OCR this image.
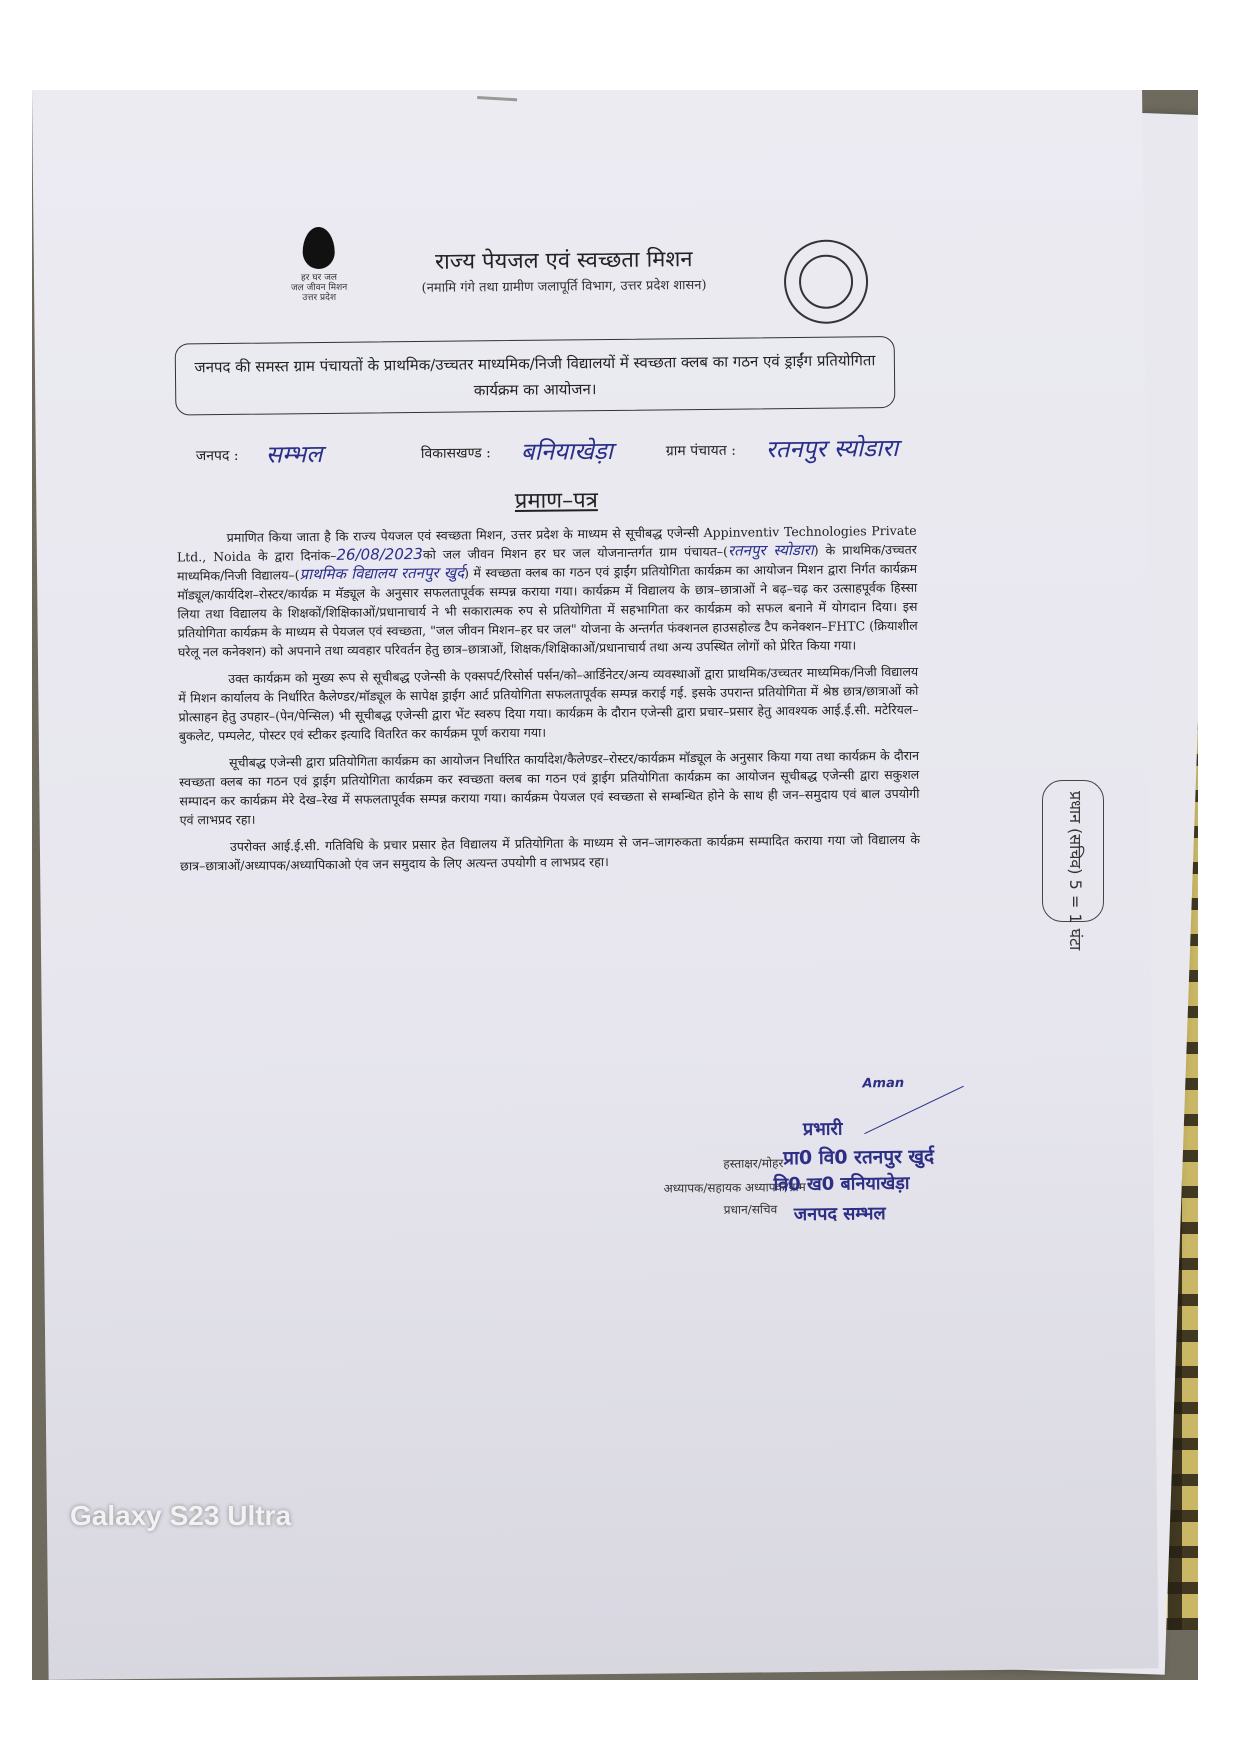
हर घर जल
जल जीवन मिशन
उत्तर प्रदेश
राज्य पेयजल एवं स्वच्छता मिशन
(नमामि गंगे तथा ग्रामीण जलापूर्ति विभाग, उत्तर प्रदेश शासन)
जनपद की समस्त ग्राम पंचायतों के प्राथमिक/उच्चतर माध्यमिक/निजी विद्यालयों में स्वच्छता क्लब का गठन एवं ड्राईंग प्रतियोगिता कार्यक्रम का आयोजन।
जनपद : सम्भल	विकासखण्ड : बनियाखेड़ा	ग्राम पंचायत : रतनपुर स्योडारा
प्रमाण–पत्र

प्रमाणित किया जाता है कि राज्य पेयजल एवं स्वच्छता मिशन, उत्तर प्रदेश के माध्यम से सूचीबद्ध एजेन्सी Appinventiv Technologies Private Ltd., Noida के द्वारा दिनांक–26/08/2023को जल जीवन मिशन हर घर जल योजनान्तर्गत ग्राम पंचायत–(रतनपुर स्योडारा) के प्राथमिक/उच्चतर माध्यमिक/निजी विद्यालय–(प्राथमिक विद्यालय रतनपुर खुर्द) में स्वच्छता क्लब का गठन एवं ड्राईंग प्रतियोगिता कार्यक्रम का आयोजन मिशन द्वारा निर्गत कार्यक्रम मॉड्यूल/कार्यदिश–रोस्टर/कार्यक्र म मॅड्यूल के अनुसार सफलतापूर्वक सम्पन्न कराया गया। कार्यक्रम में विद्यालय के छात्र–छात्राओं ने बढ़–चढ़ कर उत्साहपूर्वक हिस्सा लिया तथा विद्यालय के शिक्षकों/शिक्षिकाओं/प्रधानाचार्य ने भी सकारात्मक रुप से प्रतियोगिता में सहभागिता कर कार्यक्रम को सफल बनाने में योगदान दिया। इस प्रतियोगिता कार्यक्रम के माध्यम से पेयजल एवं स्वच्छता, "जल जीवन मिशन–हर घर जल" योजना के अन्तर्गत फंक्शनल हाउसहोल्ड टैप कनेक्शन–FHTC (क्रियाशील घरेलू नल कनेक्शन) को अपनाने तथा व्यवहार परिवर्तन हेतु छात्र–छात्राओं, शिक्षक/शिक्षिकाओं/प्रधानाचार्य तथा अन्य उपस्थित लोगों को प्रेरित किया गया।

उक्त कार्यक्रम को मुख्य रूप से सूचीबद्ध एजेन्सी के एक्सपर्ट/रिसोर्स पर्सन/को–आर्डिनेटर/अन्य व्यवस्थाओं द्वारा प्राथमिक/उच्चतर माध्यमिक/निजी विद्यालय में मिशन कार्यालय के निर्धारित कैलेण्डर/मॉड्यूल के सापेक्ष ड्राईग आर्ट प्रतियोगिता सफलतापूर्वक सम्पन्न कराई गई. इसके उपरान्त प्रतियोगिता में श्रेष्ठ छात्र/छात्राओं को प्रोत्साहन हेतु उपहार–(पेन/पेन्सिल) भी सूचीबद्ध एजेन्सी द्वारा भेंट स्वरुप दिया गया। कार्यक्रम के दौरान एजेन्सी द्वारा प्रचार–प्रसार हेतु आवश्यक आई.ई.सी. मटेरियल–बुकलेट, पम्पलेट, पोस्टर एवं स्टीकर इत्यादि वितरित कर कार्यक्रम पूर्ण कराया गया।

सूचीबद्ध एजेन्सी द्वारा प्रतियोगिता कार्यक्रम का आयोजन निर्धारित कार्यादेश/कैलेण्डर–रोस्टर/कार्यक्रम मॉड्यूल के अनुसार किया गया तथा कार्यक्रम के दौरान स्वच्छता क्लब का गठन एवं ड्राईग प्रतियोगिता कार्यक्रम कर स्वच्छता क्लब का गठन एवं ड्राईग प्रतियोगिता कार्यक्रम का आयोजन सूचीबद्ध एजेन्सी द्वारा सकुशल सम्पादन कर कार्यक्रम मेरे देख–रेख में सफलतापूर्वक सम्पन्न कराया गया। कार्यक्रम पेयजल एवं स्वच्छता से सम्बन्धित होने के साथ ही जन–समुदाय एवं बाल उपयोगी एवं लाभप्रद रहा।

उपरोक्त आई.ई.सी. गतिविधि के प्रचार प्रसार हेत विद्यालय में प्रतियोगिता के माध्यम से जन–जागरुकता कार्यक्रम सम्पादित कराया गया जो विद्यालय के छात्र–छात्राओं/अध्यापक/अध्यापिकाओ एंव जन समुदाय के लिए अत्यन्त उपयोगी व लाभप्रद रहा।

Aman
प्रभारी
हस्ताक्षर/मोहर प्रा0 वि0 रतनपुर खुर्द
अध्यापक/सहायक अध्यापक/ग्राम
वि0 ख0 बनियाखेड़ा
प्रधान/सचिव जनपद सम्भल
प्रधान (सचिव) 5 = 1 घंटा
Galaxy S23 Ultra
